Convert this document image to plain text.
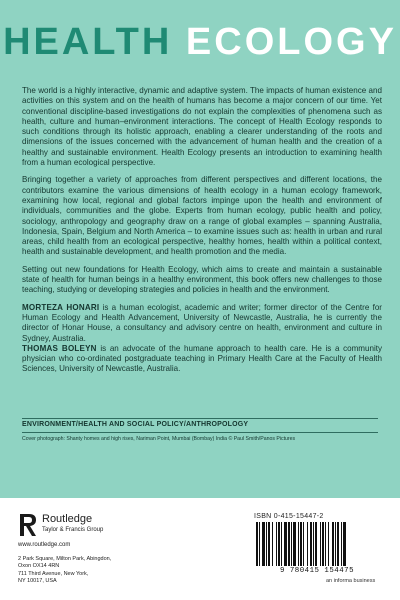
HEALTH ECOLOGY

The world is a highly interactive, dynamic and adaptive system. The impacts of human existence and activities on this system and on the health of humans has become a major concern of our time. Yet conventional discipline-based investigations do not explain the complexities of phenomena such as health, culture and human–environment interactions. The concept of Health Ecology responds to such conditions through its holistic approach, enabling a clearer understanding of the roots and dimensions of the issues concerned with the advancement of human health and the creation of a healthy and sustainable environment. Health Ecology presents an introduction to examining health from a human ecological perspective.

Bringing together a variety of approaches from different perspectives and different locations, the contributors examine the various dimensions of health ecology in a human ecology framework, examining how local, regional and global factors impinge upon the health and environment of individuals, communities and the globe. Experts from human ecology, public health and policy, sociology, anthropology and geography draw on a range of global examples – spanning Australia, Indonesia, Spain, Belgium and North America – to examine issues such as: health in urban and rural areas, child health from an ecological perspective, healthy homes, health within a political context, health and sustainable development, and health promotion and the media.

Setting out new foundations for Health Ecology, which aims to create and maintain a sustainable state of health for human beings in a healthy environment, this book offers new challenges to those teaching, studying or developing strategies and policies in health and the environment.

MORTEZA HONARI is a human ecologist, academic and writer; former director of the Centre for Human Ecology and Health Advancement, University of Newcastle, Australia, he is currently the director of Honar House, a consultancy and advisory centre on health, environment and culture in Sydney, Australia.

THOMAS BOLEYN is an advocate of the humane approach to health care. He is a community physician who co-ordinated postgraduate teaching in Primary Health Care at the Faculty of Health Sciences, University of Newcastle, Australia.

ENVIRONMENT/HEALTH AND SOCIAL POLICY/ANTHROPOLOGY
Cover photograph: Shanty homes and high rises, Nariman Point, Mumbai (Bombay) India © Paul Smith/Panos Pictures
Routledge
Taylor & Francis Group
www.routledge.com
2 Park Square, Milton Park, Abingdon,
Oxon OX14 4RN
711 Third Avenue, New York,
NY 10017, USA
ISBN 0-415-15447-2
9 780415 154475
an informa business
